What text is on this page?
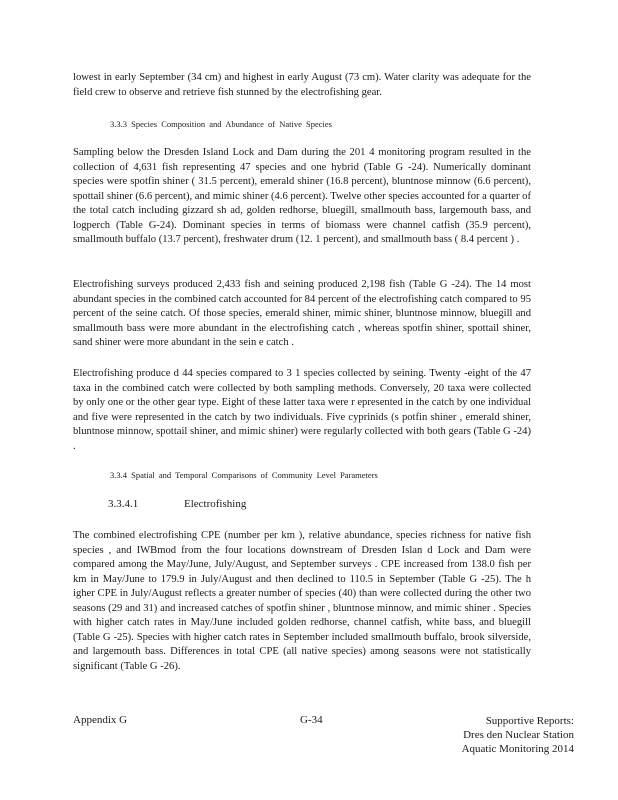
lowest in early September (34 cm) and highest in early August (73 cm). Water clarity was adequate for the field crew to observe and retrieve fish stunned by the electrofishing gear.

3.3.3 Species Composition and Abundance of Native Species

Sampling below the Dresden Island Lock and Dam during the 201 4 monitoring program resulted in the collection of 4,631 fish representing 47 species and one hybrid (Table G -24). Numerically dominant species were spotfin shiner ( 31.5 percent), emerald shiner (16.8 percent), bluntnose minnow (6.6 percent), spottail shiner (6.6 percent), and mimic shiner (4.6 percent). Twelve other species accounted for a quarter of the total catch including gizzard sh ad, golden redhorse, bluegill, smallmouth bass, largemouth bass, and logperch (Table G-24). Dominant species in terms of biomass were channel catfish (35.9 percent), smallmouth buffalo (13.7 percent), freshwater drum (12. 1 percent), and smallmouth bass ( 8.4 percent ) .

Electrofishing surveys produced 2,433 fish and seining produced 2,198 fish (Table G -24). The 14 most abundant species in the combined catch accounted for 84 percent of the electrofishing catch compared to 95 percent of the seine catch. Of those species, emerald shiner, mimic shiner, bluntnose minnow, bluegill and smallmouth bass were more abundant in the electrofishing catch , whereas spotfin shiner, spottail shiner, sand shiner were more abundant in the sein e catch .

Electrofishing produce d 44 species compared to 3 1 species collected by seining. Twenty -eight of the 47 taxa in the combined catch were collected by both sampling methods. Conversely, 20 taxa were collected by only one or the other gear type. Eight of these latter taxa were r epresented in the catch by one individual and five were represented in the catch by two individuals. Five cyprinids (s potfin shiner , emerald shiner, bluntnose minnow, spottail shiner, and mimic shiner) were regularly collected with both gears (Table G -24) .

3.3.4 Spatial and Temporal Comparisons of Community Level Parameters
3.3.4.1	Electrofishing

The combined electrofishing CPE (number per km ), relative abundance, species richness for native fish species , and IWBmod from the four locations downstream of Dresden Islan d Lock and Dam were compared among the May/June, July/August, and September surveys . CPE increased from 138.0 fish per km in May/June to 179.9 in July/August and then declined to 110.5 in September (Table G -25). The h igher CPE in July/August reflects a greater number of species (40) than were collected during the other two seasons (29 and 31) and increased catches of spotfin shiner , bluntnose minnow, and mimic shiner . Species with higher catch rates in May/June included golden redhorse, channel catfish, white bass, and bluegill (Table G -25). Species with higher catch rates in September included smallmouth buffalo, brook silverside, and largemouth bass. Differences in total CPE (all native species) among seasons were not statistically significant (Table G -26).

Appendix G	G-34	Supportive Reports:
Dres den Nuclear Station
Aquatic Monitoring 2014
